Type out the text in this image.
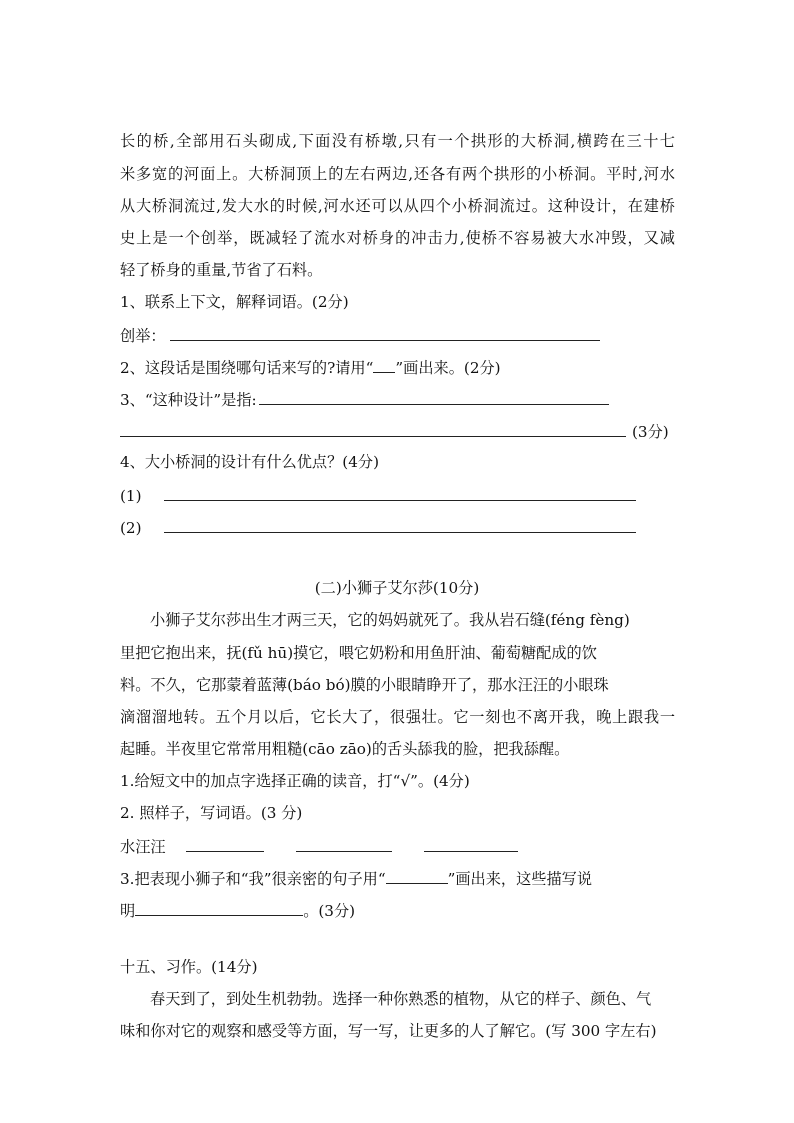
长的桥,全部用石头砌成,下面没有桥墩,只有一个拱形的大桥洞,横跨在三十七
米多宽的河面上。大桥洞顶上的左右两边,还各有两个拱形的小桥洞。平时,河水
从大桥洞流过,发大水的时候,河水还可以从四个小桥洞流过。这种设计，在建桥
史上是一个创举，既减轻了流水对桥身的冲击力,使桥不容易被大水冲毁，又减
轻了桥身的重量,节省了石料。
1、联系上下文，解释词语。(2分)
创举：
2、这段话是围绕哪句话来写的?请用“ ”画出来。(2分)
3、“这种设计”是指:
(3分)
4、大小桥洞的设计有什么优点？(4分)
(1)
(2)
(二)小狮子艾尔莎(10分)
小狮子艾尔莎出生才两三天，它的妈妈就死了。我从岩石缝(féng fèng)
里把它抱出来，抚(fǔ hū)摸它，喂它奶粉和用鱼肝油、葡萄糖配成的饮
料。不久，它那蒙着蓝薄(báo bó)膜的小眼睛睁开了，那水汪汪的小眼珠
滴溜溜地转。五个月以后，它长大了，很强壮。它一刻也不离开我，晚上跟我一
起睡。半夜里它常常用粗糙(cāo zāo)的舌头舔我的脸，把我舔醒。
1.给短文中的加点字选择正确的读音，打“√”。(4分)
2. 照样子，写词语。(3 分)
水汪汪
3.把表现小狮子和“我”很亲密的句子用“	”画出来，这些描写说
明	。(3分)
十五、习作。(14分)
春天到了，到处生机勃勃。选择一种你熟悉的植物，从它的样子、颜色、气
味和你对它的观察和感受等方面，写一写，让更多的人了解它。(写 300 字左右)
